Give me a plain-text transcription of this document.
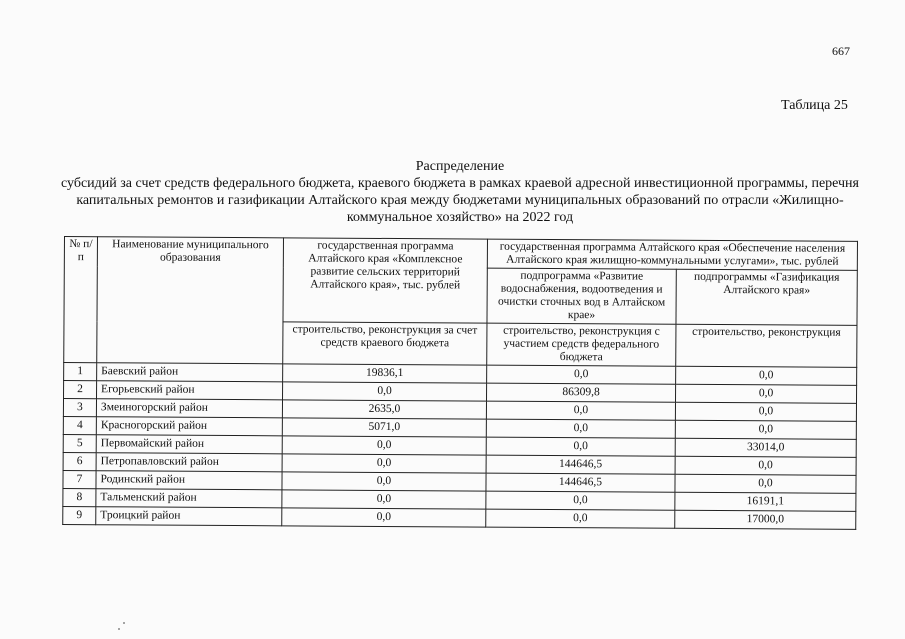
667
Таблица 25
Распределение
субсидий за счет средств федерального бюджета, краевого бюджета в рамках краевой адресной инвестиционной программы, перечня капитальных ремонтов и газификации Алтайского края между бюджетами муниципальных образований по отрасли «Жилищно-коммунальное хозяйство» на 2022 год
№ п/п	Наименование муниципального образования	государственная программа Алтайского края «Комплексное развитие сельских территорий Алтайского края», тыс. рублей	государственная программа Алтайского края «Обеспечение населения Алтайского края жилищно-коммунальными услугами», тыс. рублей	
			подпрограмма «Развитие водоснабжения, водоотведения и очистки сточных вод в Алтайском крае»	подпрограммы «Газификация Алтайского края»
		строительство, реконструкция за счет средств краевого бюджета	строительство, реконструкция с участием средств федерального бюджета	строительство, реконструкция
1	Баевский район	19836,1	0,0	0,0
2	Егорьевский район	0,0	86309,8	0,0
3	Змеиногорский район	2635,0	0,0	0,0
4	Красногорский район	5071,0	0,0	0,0
5	Первомайский район	0,0	0,0	33014,0
6	Петропавловский район	0,0	144646,5	0,0
7	Родинский район	0,0	144646,5	0,0
8	Тальменский район	0,0	0,0	16191,1
9	Троицкий район	0,0	0,0	17000,0
